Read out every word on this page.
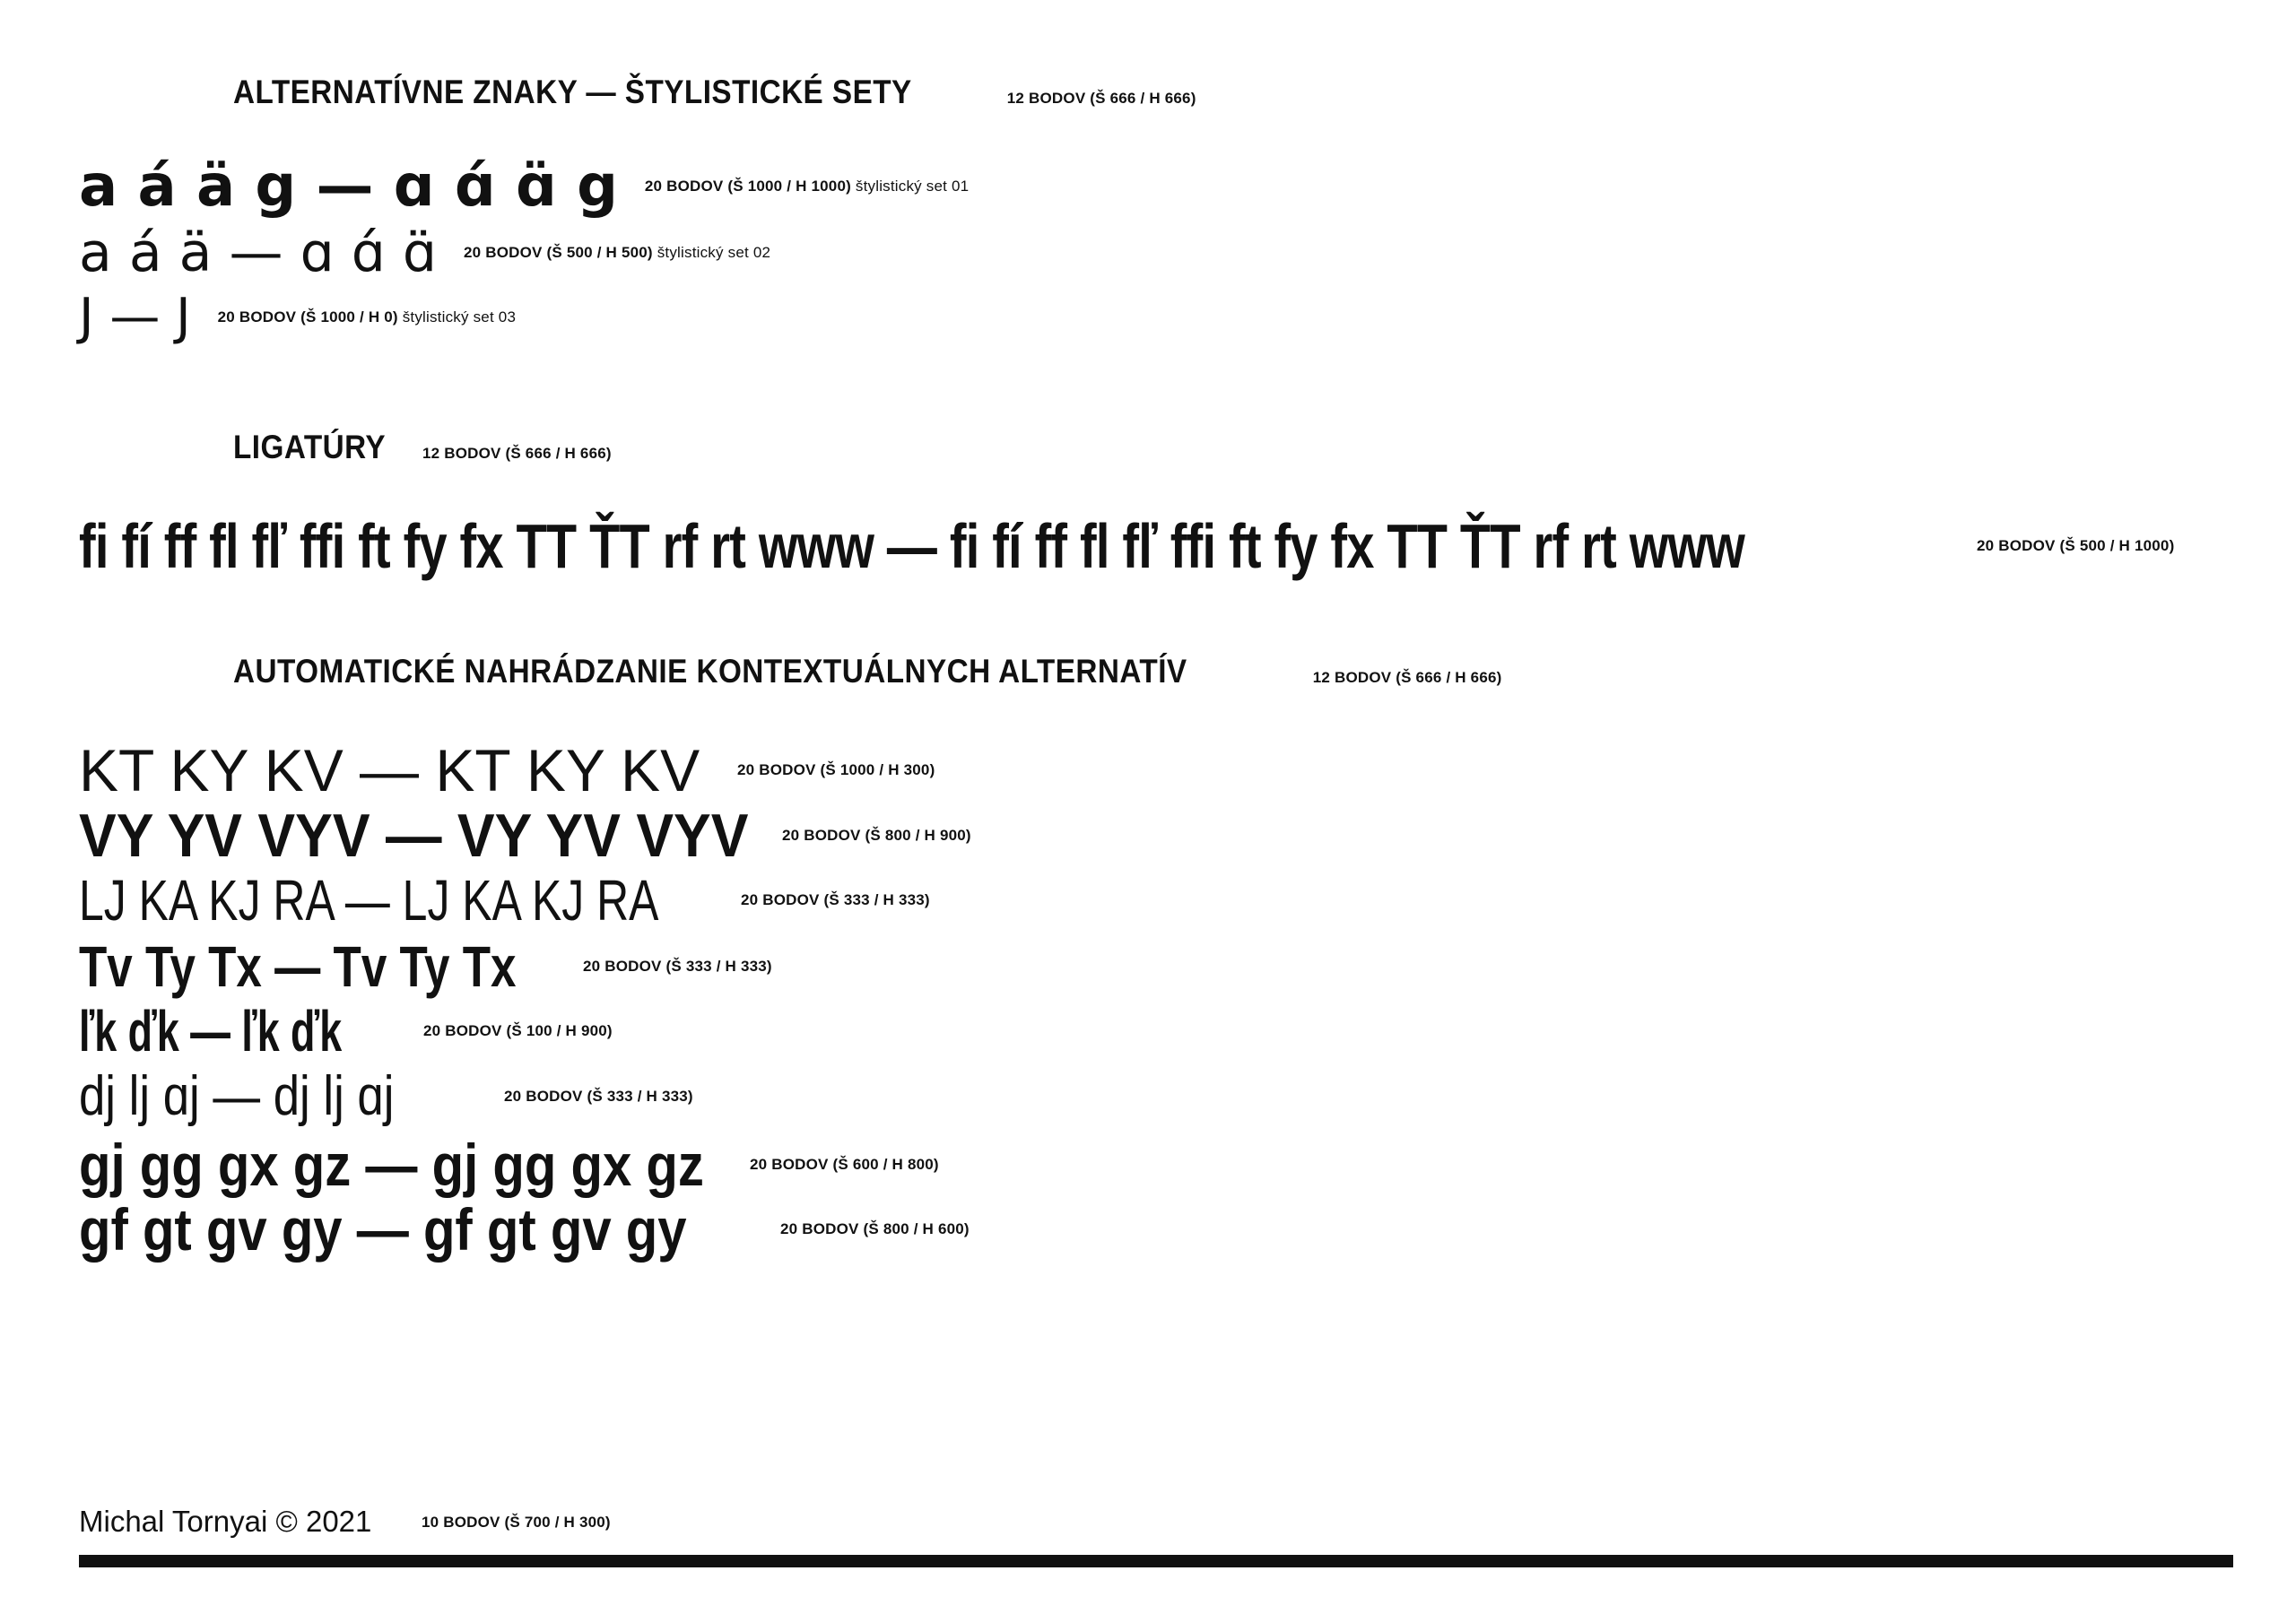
ALTERNATÍVNE ZNAKY — ŠTYLISTICKÉ SETY	12 BODOV (Š 666 / H 666)
a á ä g — ɑ ɑ́ ɑ̈ g 20 BODOV (Š 1000 / H 1000) štylistický set 01
a á ä — ɑ ɑ́ ɑ̈ 20 BODOV (Š 500 / H 500) štylistický set 02
J — J 20 BODOV (Š 1000 / H 0) štylistický set 03
LIGATÚRY 12 BODOV (Š 666 / H 666)
fi fí ff fl fľ ffi ft fy fx TT ŤT rf rt www — fi fí ff fl fľ ffi ft fy fx TT ŤT rf rt www	20 BODOV (Š 500 / H 1000)
AUTOMATICKÉ NAHRÁDZANIE KONTEXTUÁLNYCH ALTERNATÍV	12 BODOV (Š 666 / H 666)
KT KY KV — KT KY KV	20 BODOV (Š 1000 / H 300)
VY YV VYV — VY YV VYV 20 BODOV (Š 800 / H 900)
LJ KA KJ RA — LJ KA KJ RA	20 BODOV (Š 333 / H 333)
Tv Ty Tx — Tv Ty Tx	20 BODOV (Š 333 / H 333)
ľk ďk — ľk ďk	20 BODOV (Š 100 / H 900)
dj lj ɑj — dj lj ɑj	20 BODOV (Š 333 / H 333)
gj gg gx gz — gj gg gx gz	20 BODOV (Š 600 / H 800)
gf gt gv gy — gf gt gv gy	20 BODOV (Š 800 / H 600)
Michal Tornyai © 2021	10 BODOV (Š 700 / H 300)
